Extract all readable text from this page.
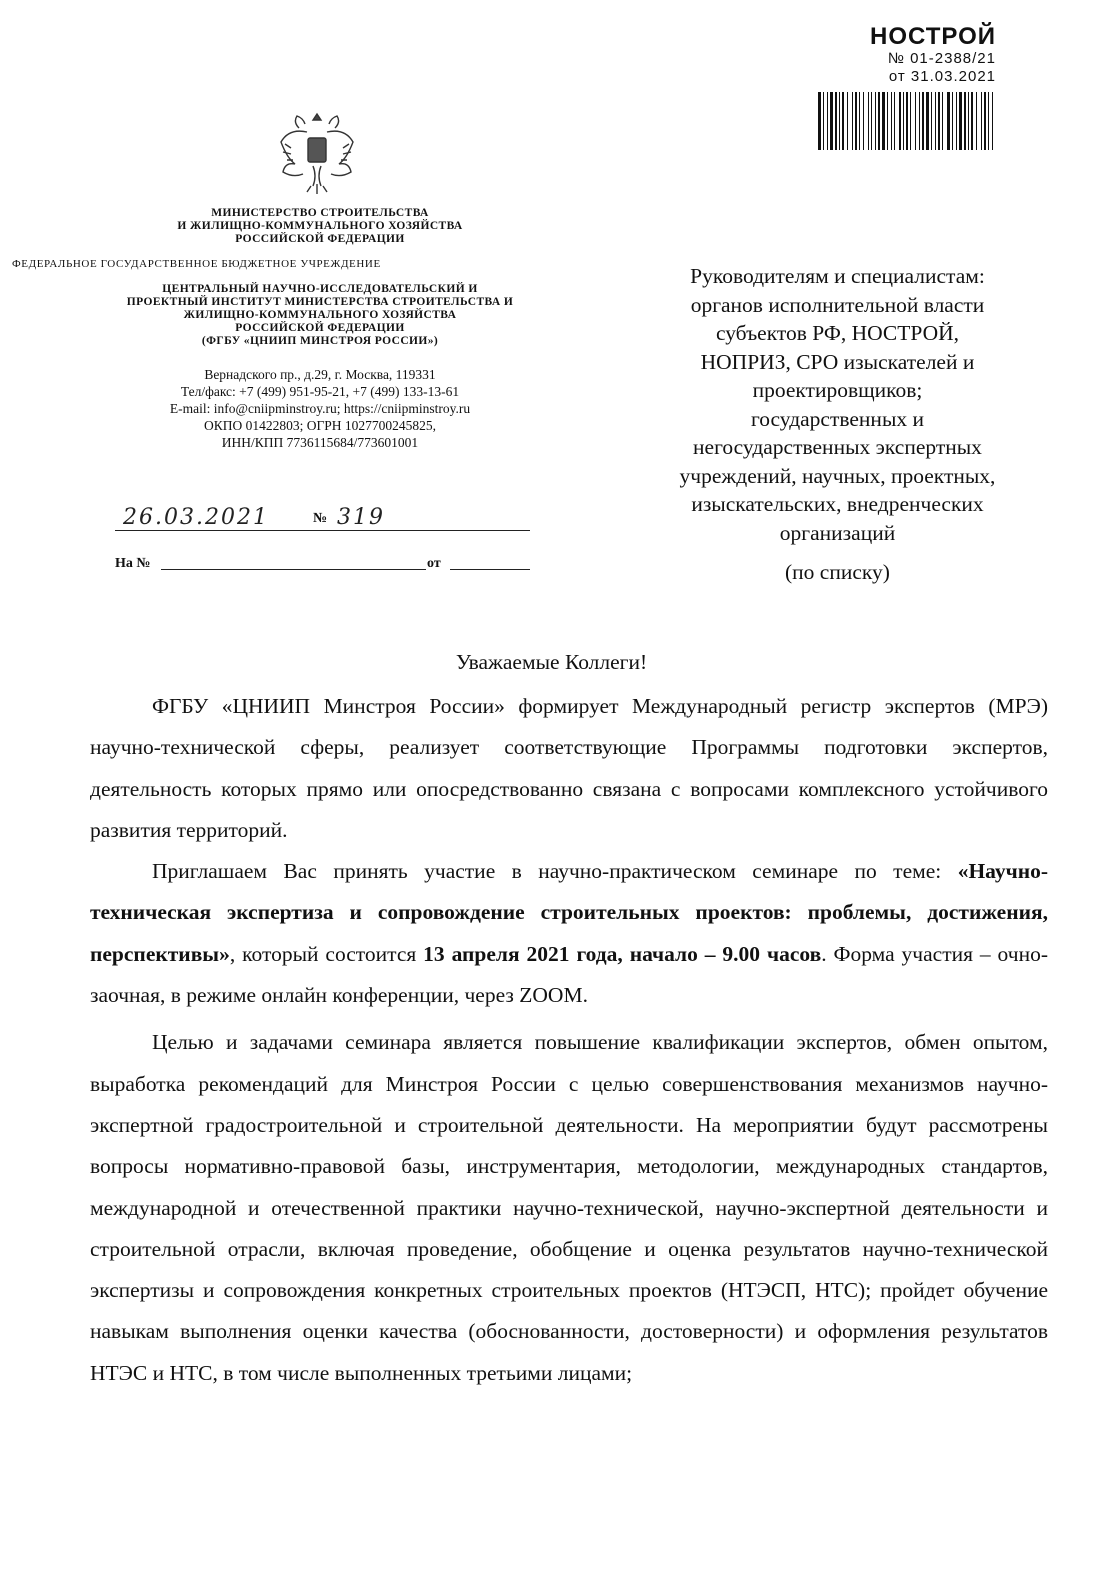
НОСТРОЙ
№ 01-2388/21
от 31.03.2021
МИНИСТЕРСТВО СТРОИТЕЛЬСТВА
И ЖИЛИЩНО-КОММУНАЛЬНОГО ХОЗЯЙСТВА
РОССИЙСКОЙ ФЕДЕРАЦИИ
ФЕДЕРАЛЬНОЕ ГОСУДАРСТВЕННОЕ БЮДЖЕТНОЕ УЧРЕЖДЕНИЕ
ЦЕНТРАЛЬНЫЙ НАУЧНО-ИССЛЕДОВАТЕЛЬСКИЙ И
ПРОЕКТНЫЙ ИНСТИТУТ МИНИСТЕРСТВА СТРОИТЕЛЬСТВА И
ЖИЛИЩНО-КОММУНАЛЬНОГО ХОЗЯЙСТВА
РОССИЙСКОЙ ФЕДЕРАЦИИ
(ФГБУ «ЦНИИП МИНСТРОЯ РОССИИ»)
Вернадского пр., д.29, г. Москва, 119331
Тел/факс: +7 (499) 951-95-21, +7 (499) 133-13-61
E-mail: info@cniipminstroy.ru; https://cniipminstroy.ru
ОКПО 01422803; ОГРН 1027700245825,
ИНН/КПП 7736115684/773601001
26.03.2021	№ 319
На №	от
Руководителям и специалистам:
органов исполнительной власти
субъектов РФ, НОСТРОЙ,
НОПРИЗ, СРО изыскателей и
проектировщиков;
государственных и
негосударственных экспертных
учреждений, научных, проектных,
изыскательских, внедренческих
организаций
(по списку)
Уважаемые Коллеги!

ФГБУ «ЦНИИП Минстроя России» формирует Международный регистр экспертов (МРЭ) научно-технической сферы, реализует соответствующие Программы подготовки экспертов, деятельность которых прямо или опосредствованно связана с вопросами комплексного устойчивого развития территорий.

Приглашаем Вас принять участие в научно-практическом семинаре по теме: «Научно-техническая экспертиза и сопровождение строительных проектов: проблемы, достижения, перспективы», который состоится 13 апреля 2021 года, начало – 9.00 часов. Форма участия – очно-заочная, в режиме онлайн конференции, через ZOOM.

Целью и задачами семинара является повышение квалификации экспертов, обмен опытом, выработка рекомендаций для Минстроя России с целью совершенствования механизмов научно-экспертной градостроительной и строительной деятельности. На мероприятии будут рассмотрены вопросы нормативно-правовой базы, инструментария, методологии, международных стандартов, международной и отечественной практики научно-технической, научно-экспертной деятельности и строительной отрасли, включая проведение, обобщение и оценка результатов научно-технической экспертизы и сопровождения конкретных строительных проектов (НТЭСП, НТС); пройдет обучение навыкам выполнения оценки качества (обоснованности, достоверности) и оформления результатов НТЭС и НТС, в том числе выполненных третьими лицами;
